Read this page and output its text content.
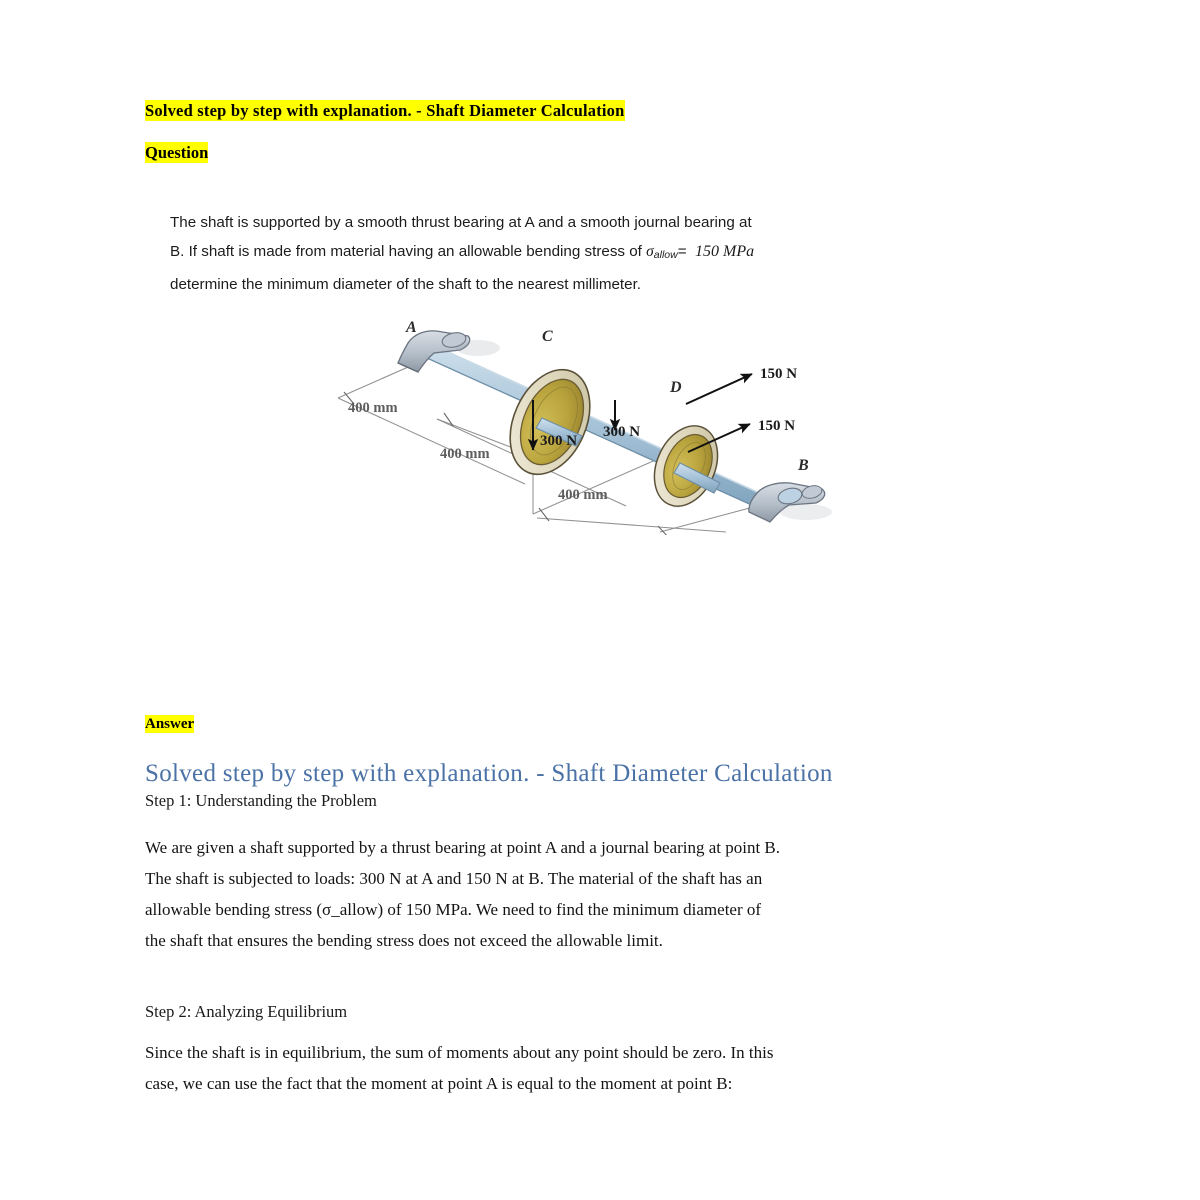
Solved step by step with explanation. - Shaft Diameter Calculation
Question
The shaft is supported by a smooth thrust bearing at A and a smooth journal bearing at
B. If shaft is made from material having an allowable bending stress of $\sigma_{allow}= 150$ MPa
determine the minimum diameter of the shaft to the nearest millimeter.
A
C
D
B
300 N
300 N
150 N
150 N
400 mm
400 mm
400 mm
Answer
Solved step by step with explanation. - Shaft Diameter Calculation
Step 1: Understanding the Problem
We are given a shaft supported by a thrust bearing at point A and a journal bearing at point B.
The shaft is subjected to loads: 300 N at A and 150 N at B. The material of the shaft has an
allowable bending stress (σ_allow) of 150 MPa. We need to find the minimum diameter of
the shaft that ensures the bending stress does not exceed the allowable limit.
Step 2: Analyzing Equilibrium
Since the shaft is in equilibrium, the sum of moments about any point should be zero. In this
case, we can use the fact that the moment at point A is equal to the moment at point B:
